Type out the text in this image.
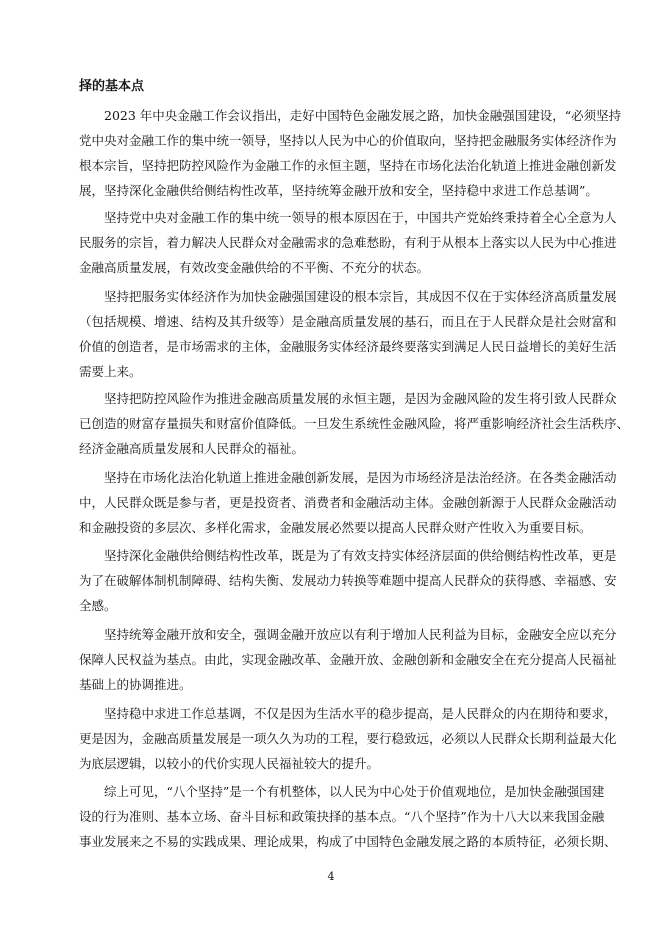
择的基本点
2023 年中央金融工作会议指出，走好中国特色金融发展之路，加快金融强国建设，“必须坚持
党中央对金融工作的集中统一领导，坚持以人民为中心的价值取向，坚持把金融服务实体经济作为
根本宗旨，坚持把防控风险作为金融工作的永恒主题，坚持在市场化法治化轨道上推进金融创新发
展，坚持深化金融供给侧结构性改革，坚持统筹金融开放和安全，坚持稳中求进工作总基调”。
坚持党中央对金融工作的集中统一领导的根本原因在于，中国共产党始终秉持着全心全意为人
民服务的宗旨，着力解决人民群众对金融需求的急难愁盼，有利于从根本上落实以人民为中心推进
金融高质量发展，有效改变金融供给的不平衡、不充分的状态。
坚持把服务实体经济作为加快金融强国建设的根本宗旨，其成因不仅在于实体经济高质量发展
（包括规模、增速、结构及其升级等）是金融高质量发展的基石，而且在于人民群众是社会财富和
价值的创造者，是市场需求的主体，金融服务实体经济最终要落实到满足人民日益增长的美好生活
需要上来。
坚持把防控风险作为推进金融高质量发展的永恒主题，是因为金融风险的发生将引致人民群众
已创造的财富存量损失和财富价值降低。一旦发生系统性金融风险，将严重影响经济社会生活秩序、
经济金融高质量发展和人民群众的福祉。
坚持在市场化法治化轨道上推进金融创新发展，是因为市场经济是法治经济。在各类金融活动
中，人民群众既是参与者，更是投资者、消费者和金融活动主体。金融创新源于人民群众金融活动
和金融投资的多层次、多样化需求，金融发展必然要以提高人民群众财产性收入为重要目标。
坚持深化金融供给侧结构性改革，既是为了有效支持实体经济层面的供给侧结构性改革，更是
为了在破解体制机制障碍、结构失衡、发展动力转换等难题中提高人民群众的获得感、幸福感、安
全感。
坚持统筹金融开放和安全，强调金融开放应以有利于增加人民利益为目标，金融安全应以充分
保障人民权益为基点。由此，实现金融改革、金融开放、金融创新和金融安全在充分提高人民福祉
基础上的协调推进。
坚持稳中求进工作总基调，不仅是因为生活水平的稳步提高，是人民群众的内在期待和要求，
更是因为，金融高质量发展是一项久久为功的工程，要行稳致远，必须以人民群众长期利益最大化
为底层逻辑，以较小的代价实现人民福祉较大的提升。
综上可见，“八个坚持”是一个有机整体，以人民为中心处于价值观地位，是加快金融强国建
设的行为准则、基本立场、奋斗目标和政策抉择的基本点。“八个坚持”作为十八大以来我国金融
事业发展来之不易的实践成果、理论成果，构成了中国特色金融发展之路的本质特征，必须长期、
4
